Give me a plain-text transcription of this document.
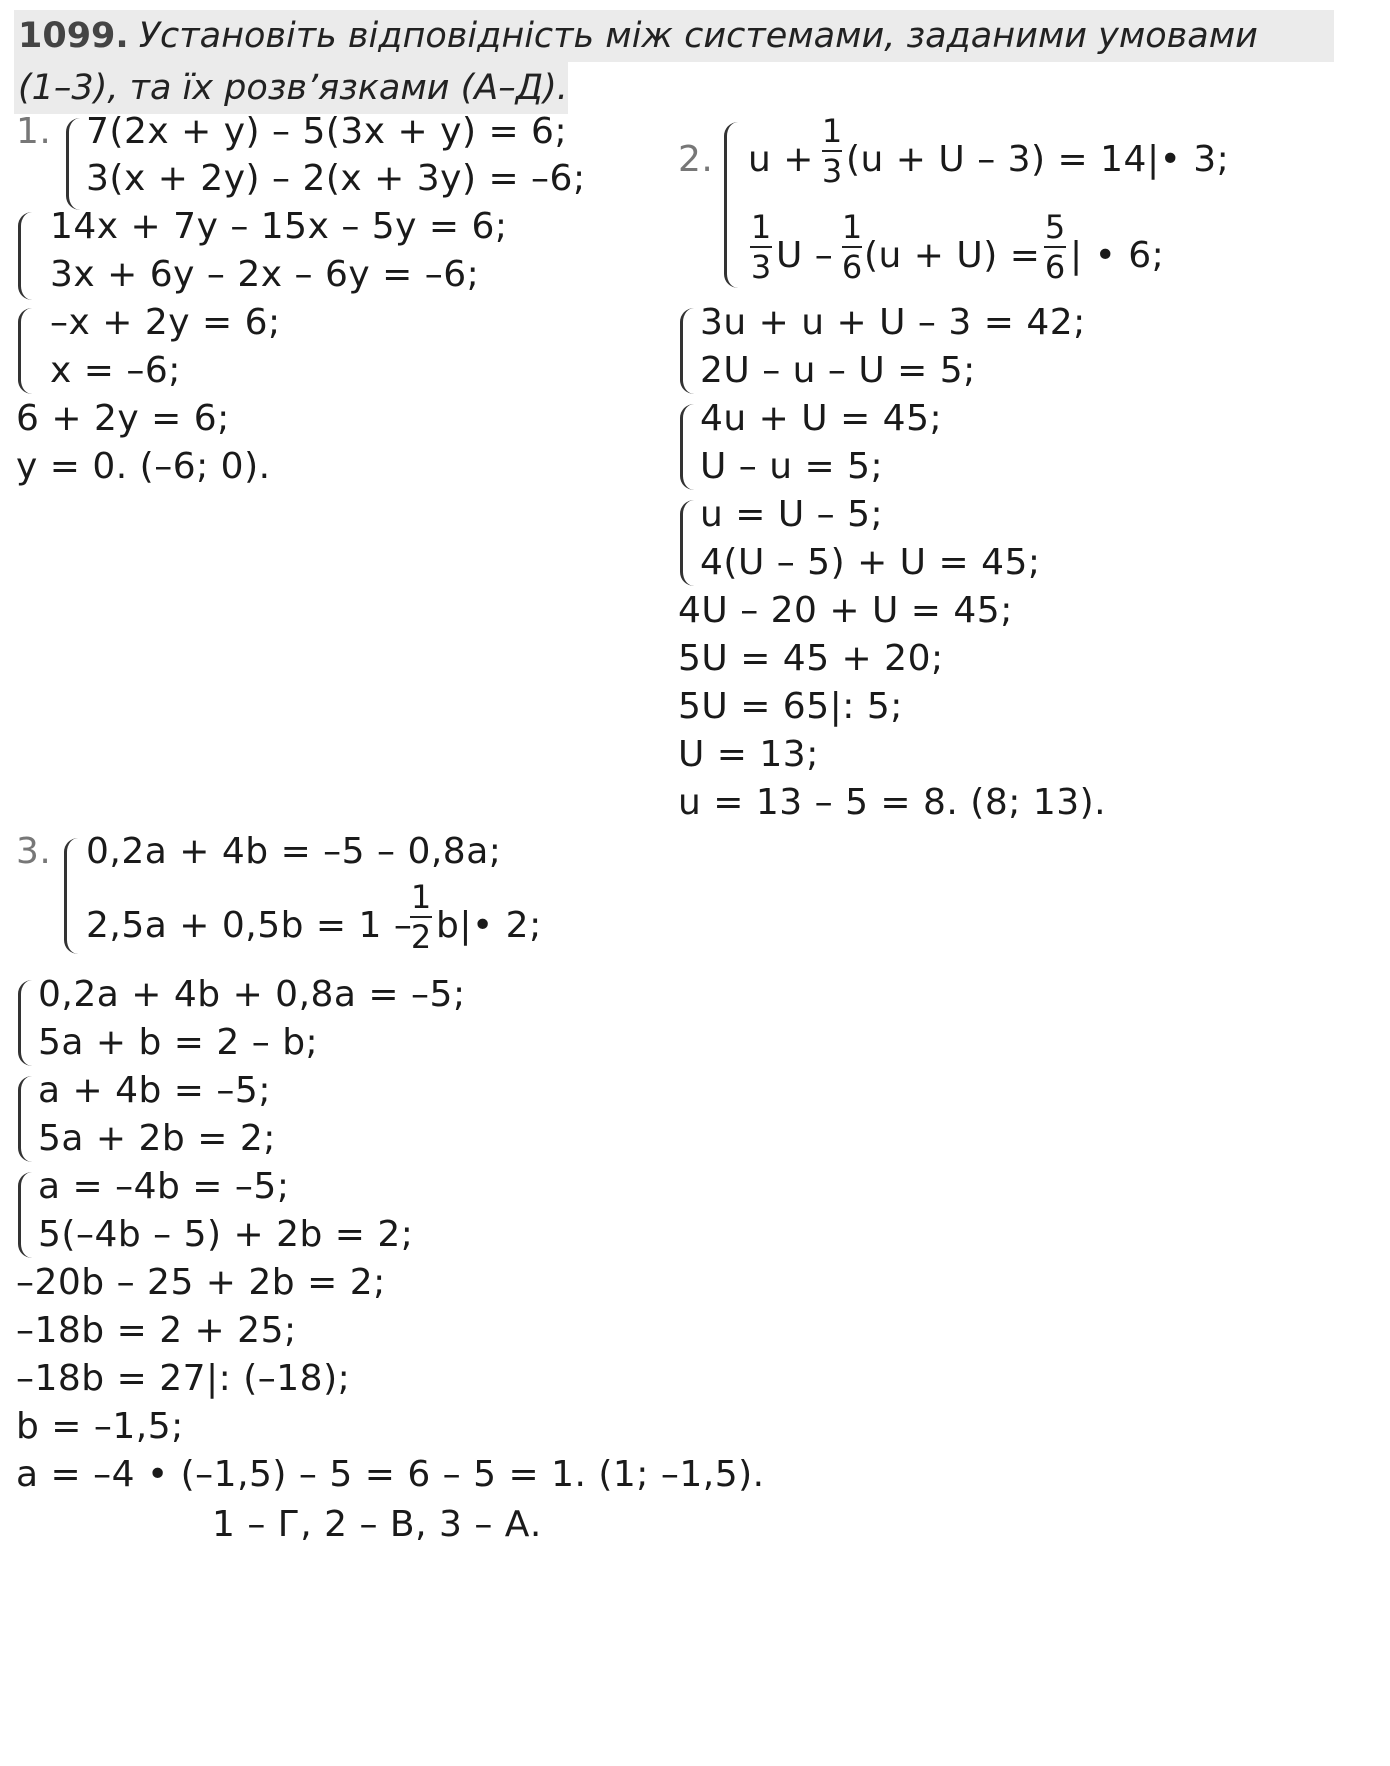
1099. Установіть відповідність між системами, заданими умовами
(1–3), та їх розв’язками (А–Д).
1. 7(2x + y) – 5(3x + y) = 6;
3(x + 2y) – 2(x + 3y) = –6;
14x + 7y – 15x – 5y = 6;
3x + 6y – 2x – 6y = –6;
–x + 2y = 6;
x = –6;
6 + 2y = 6;
y = 0. (–6; 0).
2. u +
1
3 (u + U – 3) = 14|• 3;
1
3 U –
1
6 (u + U) =
5
6 | • 6;
3u + u + U – 3 = 42;
2U – u – U = 5;
4u + U = 45;
U – u = 5;
u = U – 5;
4(U – 5) + U = 45;
4U – 20 + U = 45;
5U = 45 + 20;
5U = 65|: 5;
U = 13;
u = 13 – 5 = 8. (8; 13).
3. 0,2a + 4b = –5 – 0,8a;
2,5a + 0,5b = 1 –
1
2 b|• 2;
0,2a + 4b + 0,8a = –5;
5a + b = 2 – b;
a + 4b = –5;
5a + 2b = 2;
a = –4b = –5;
5(–4b – 5) + 2b = 2;
–20b – 25 + 2b = 2;
–18b = 2 + 25;
–18b = 27|: (–18);
b = –1,5;
a = –4 • (–1,5) – 5 = 6 – 5 = 1. (1; –1,5).
1 – Г, 2 – В, 3 – А.
